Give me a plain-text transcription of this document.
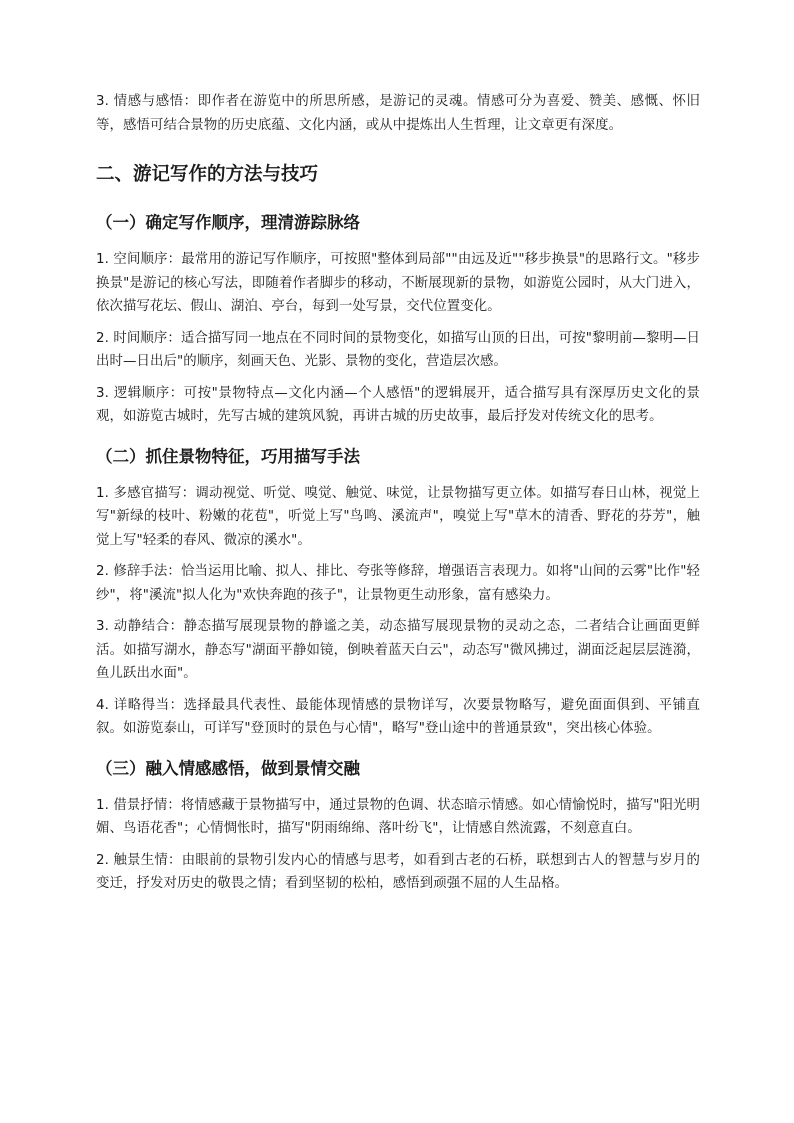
3. 情感与感悟：即作者在游览中的所思所感，是游记的灵魂。情感可分为喜爱、赞美、感慨、怀旧等，感悟可结合景物的历史底蕴、文化内涵，或从中提炼出人生哲理，让文章更有深度。

二、游记写作的方法与技巧
（一）确定写作顺序，理清游踪脉络

1. 空间顺序：最常用的游记写作顺序，可按照"整体到局部""由远及近""移步换景"的思路行文。"移步换景"是游记的核心写法，即随着作者脚步的移动，不断展现新的景物，如游览公园时，从大门进入，依次描写花坛、假山、湖泊、亭台，每到一处写景，交代位置变化。

2. 时间顺序：适合描写同一地点在不同时间的景物变化，如描写山顶的日出，可按"黎明前—黎明—日出时—日出后"的顺序，刻画天色、光影、景物的变化，营造层次感。

3. 逻辑顺序：可按"景物特点—文化内涵—个人感悟"的逻辑展开，适合描写具有深厚历史文化的景观，如游览古城时，先写古城的建筑风貌，再讲古城的历史故事，最后抒发对传统文化的思考。

（二）抓住景物特征，巧用描写手法

1. 多感官描写：调动视觉、听觉、嗅觉、触觉、味觉，让景物描写更立体。如描写春日山林，视觉上写"新绿的枝叶、粉嫩的花苞"，听觉上写"鸟鸣、溪流声"，嗅觉上写"草木的清香、野花的芬芳"，触觉上写"轻柔的春风、微凉的溪水"。

2. 修辞手法：恰当运用比喻、拟人、排比、夸张等修辞，增强语言表现力。如将"山间的云雾"比作"轻纱"，将"溪流"拟人化为"欢快奔跑的孩子"，让景物更生动形象，富有感染力。

3. 动静结合：静态描写展现景物的静谧之美，动态描写展现景物的灵动之态，二者结合让画面更鲜活。如描写湖水，静态写"湖面平静如镜，倒映着蓝天白云"，动态写"微风拂过，湖面泛起层层涟漪，鱼儿跃出水面"。

4. 详略得当：选择最具代表性、最能体现情感的景物详写，次要景物略写，避免面面俱到、平铺直叙。如游览泰山，可详写"登顶时的景色与心情"，略写"登山途中的普通景致"，突出核心体验。

（三）融入情感感悟，做到景情交融

1. 借景抒情：将情感藏于景物描写中，通过景物的色调、状态暗示情感。如心情愉悦时，描写"阳光明媚、鸟语花香"；心情惆怅时，描写"阴雨绵绵、落叶纷飞"，让情感自然流露，不刻意直白。

2. 触景生情：由眼前的景物引发内心的情感与思考，如看到古老的石桥，联想到古人的智慧与岁月的变迁，抒发对历史的敬畏之情；看到坚韧的松柏，感悟到顽强不屈的人生品格。
